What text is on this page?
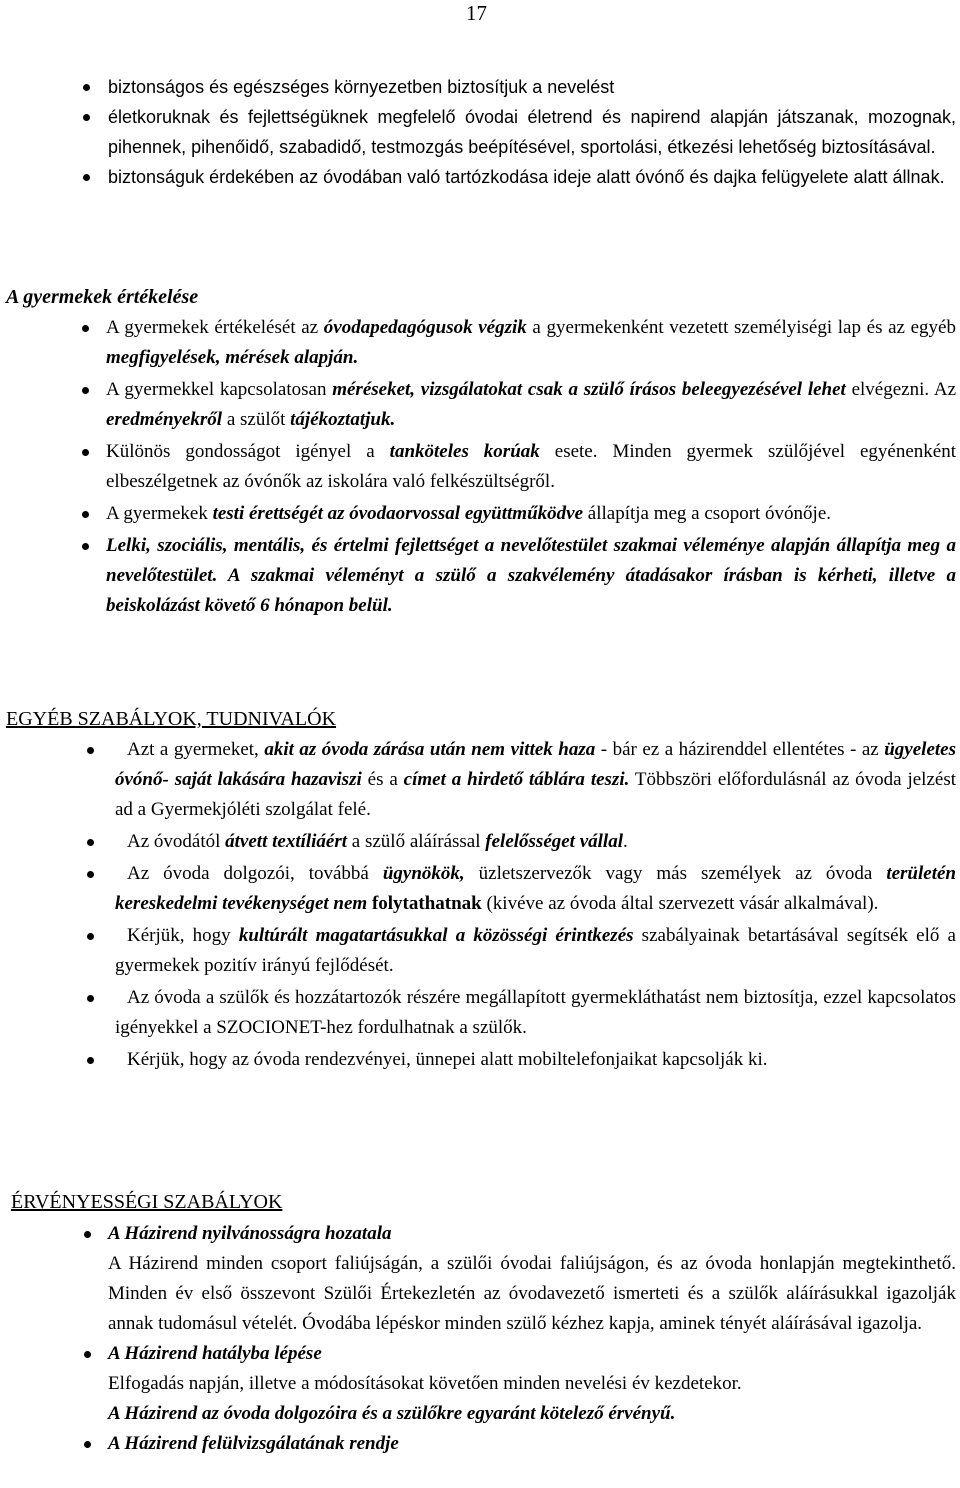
17
biztonságos és egészséges környezetben biztosítjuk a nevelést
életkoruknak és fejlettségüknek megfelelő óvodai életrend és napirend alapján játszanak, mozognak, pihennek, pihenőidő, szabadidő, testmozgás beépítésével, sportolási, étkezési lehetőség biztosításával.
biztonságuk érdekében az óvodában való tartózkodása ideje alatt óvónő és dajka felügyelete alatt állnak.
A gyermekek értékelése
A gyermekek értékelését az óvodapedagógusok végzik a gyermekenként vezetett személyiségi lap és az egyéb megfigyelések, mérések alapján.
A gyermekkel kapcsolatosan méréseket, vizsgálatokat csak a szülő írásos beleegyezésével lehet elvégezni. Az eredményekről a szülőt tájékoztatjuk.
Különös gondosságot igényel a tanköteles korúak esete. Minden gyermek szülőjével egyénenként elbeszélgetnek az óvónők az iskolára való felkészültségről.
A gyermekek testi érettségét az óvodaorvossal együttműködve állapítja meg a csoport óvónője.
Lelki, szociális, mentális, és értelmi fejlettséget a nevelőtestület szakmai véleménye alapján állapítja meg a nevelőtestület. A szakmai véleményt a szülő a szakvélemény átadásakor írásban is kérheti, illetve a beiskolázást követő 6 hónapon belül.
EGYÉB SZABÁLYOK, TUDNIVALÓK
Azt a gyermeket, akit az óvoda zárása után nem vittek haza - bár ez a házirenddel ellentétes - az ügyeletes óvónő- saját lakására hazaviszi és a címet a hirdető táblára teszi. Többszöri előfordulásnál az óvoda jelzést ad a Gyermekjóléti szolgálat felé.
Az óvodától átvett textíliáért a szülő aláírással felelősséget vállal.
Az óvoda dolgozói, továbbá ügynökök, üzletszervezők vagy más személyek az óvoda területén kereskedelmi tevékenységet nem folytathatnak (kivéve az óvoda által szervezett vásár alkalmával).
Kérjük, hogy kultúrált magatartásukkal a közösségi érintkezés szabályainak betartásával segítsék elő a gyermekek pozitív irányú fejlődését.
Az óvoda a szülők és hozzátartozók részére megállapított gyermekláthatást nem biztosítja, ezzel kapcsolatos igényekkel a SZOCIONET-hez fordulhatnak a szülők.
Kérjük, hogy az óvoda rendezvényei, ünnepei alatt mobiltelefonjaikat kapcsolják ki.
ÉRVÉNYESSÉGI SZABÁLYOK
A Házirend nyilvánosságra hozatala
A Házirend minden csoport faliújságán, a szülői óvodai faliújságon, és az óvoda honlapján megtekinthető. Minden év első összevont Szülői Értekezletén az óvodavezető ismerteti és a szülők aláírásukkal igazolják annak tudomásul vételét. Óvodába lépéskor minden szülő kézhez kapja, aminek tényét aláírásával igazolja.
A Házirend hatályba lépése
Elfogadás napján, illetve a módosításokat követően minden nevelési év kezdetekor.
A Házirend az óvoda dolgozóira és a szülőkre egyaránt kötelező érvényű.
A Házirend felülvizsgálatának rendje
